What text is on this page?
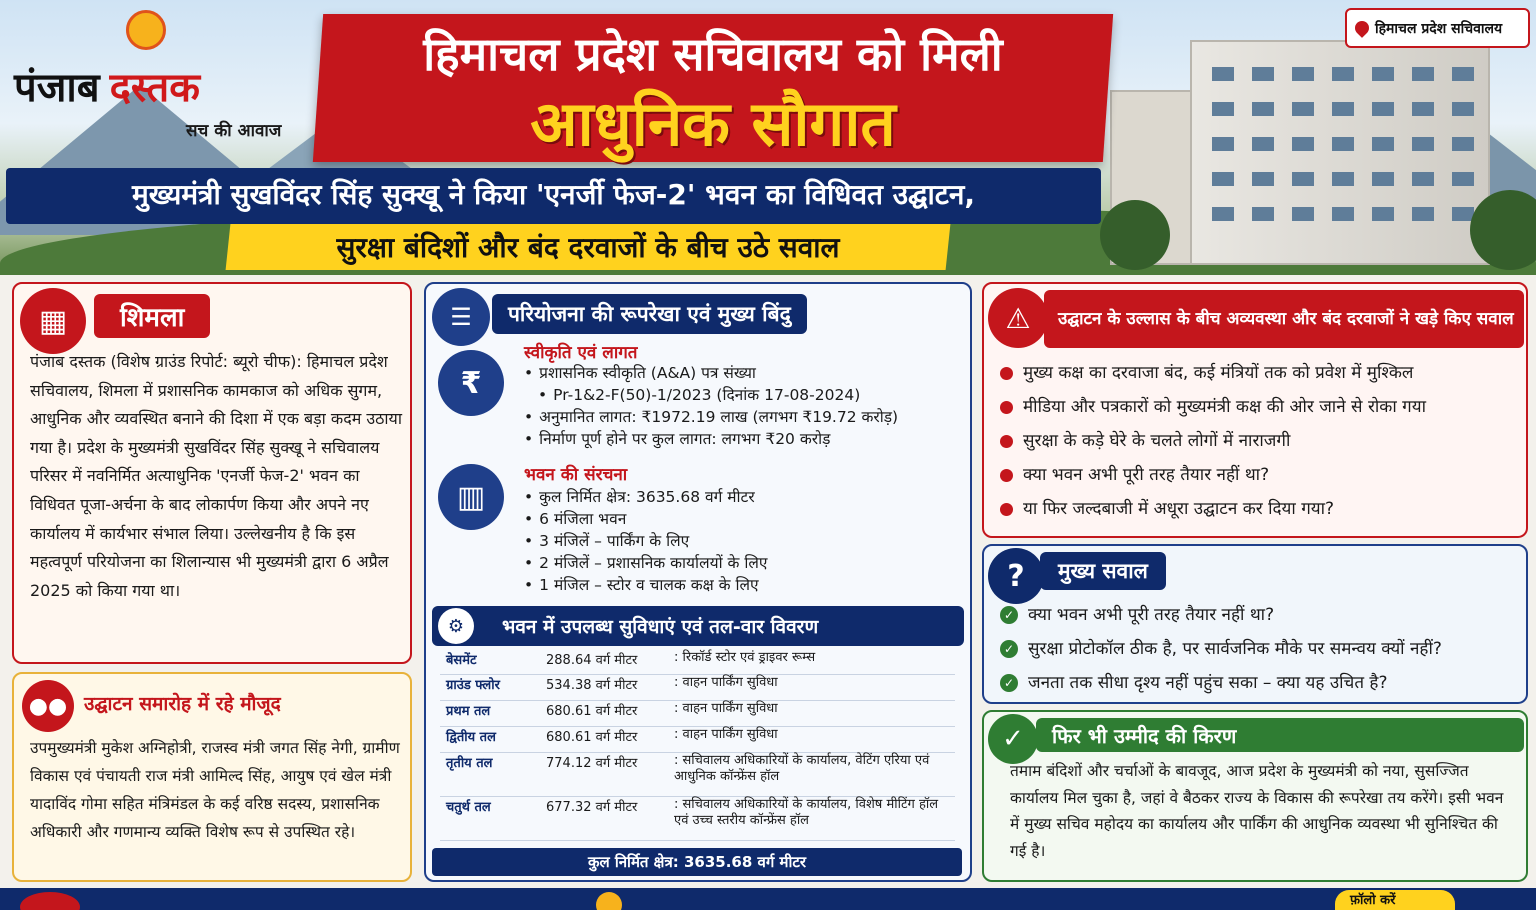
पंजाब दस्तक
सच की आवाज
हिमाचल प्रदेश सचिवालय को मिली
आधुनिक सौगात
हिमाचल प्रदेश सचिवालय
मुख्यमंत्री सुखविंदर सिंह सुक्खू ने किया 'एनर्जी फेज-2' भवन का विधिवत उद्घाटन,
सुरक्षा बंदिशों और बंद दरवाजों के बीच उठे सवाल
▦	शिमला
पंजाब दस्तक (विशेष ग्राउंड रिपोर्ट: ब्यूरो चीफ): हिमाचल प्रदेश सचिवालय, शिमला में प्रशासनिक कामकाज को अधिक सुगम, आधुनिक और व्यवस्थित बनाने की दिशा में एक बड़ा कदम उठाया गया है। प्रदेश के मुख्यमंत्री सुखविंदर सिंह सुक्खू ने सचिवालय परिसर में नवनिर्मित अत्याधुनिक 'एनर्जी फेज-2' भवन का विधिवत पूजा-अर्चना के बाद लोकार्पण किया और अपने नए कार्यालय में कार्यभार संभाल लिया। उल्लेखनीय है कि इस महत्वपूर्ण परियोजना का शिलान्यास भी मुख्यमंत्री द्वारा 6 अप्रैल 2025 को किया गया था।
●● उद्घाटन समारोह में रहे मौजूद
उपमुख्यमंत्री मुकेश अग्निहोत्री, राजस्व मंत्री जगत सिंह नेगी, ग्रामीण विकास एवं पंचायती राज मंत्री आमिल्द सिंह, आयुष एवं खेल मंत्री यादाविंद गोमा सहित मंत्रिमंडल के कई वरिष्ठ सदस्य, प्रशासनिक अधिकारी और गणमान्य व्यक्ति विशेष रूप से उपस्थित रहे।
☰	परियोजना की रूपरेखा एवं मुख्य बिंदु
₹
स्वीकृति एवं लागत
• प्रशासनिक स्वीकृति (A&A) पत्र संख्या
• Pr-1&2-F(50)-1/2023 (दिनांक 17-08-2024)
• अनुमानित लागत: ₹1972.19 लाख (लगभग ₹19.72 करोड़)
• निर्माण पूर्ण होने पर कुल लागत: लगभग ₹20 करोड़
▥
भवन की संरचना
• कुल निर्मित क्षेत्र: 3635.68 वर्ग मीटर
• 6 मंजिला भवन
• 3 मंजिलें – पार्किंग के लिए
• 2 मंजिलें – प्रशासनिक कार्यालयों के लिए
• 1 मंजिल – स्टोर व चालक कक्ष के लिए
भवन में उपलब्ध सुविधाएं एवं तल-वार विवरण
⚙
बेसमेंट	288.64 वर्ग मीटर	: रिकॉर्ड स्टोर एवं ड्राइवर रूम्स
ग्राउंड फ्लोर	534.38 वर्ग मीटर	: वाहन पार्किंग सुविधा
प्रथम तल	680.61 वर्ग मीटर	: वाहन पार्किंग सुविधा
द्वितीय तल	680.61 वर्ग मीटर	: वाहन पार्किंग सुविधा
तृतीय तल	774.12 वर्ग मीटर	: सचिवालय अधिकारियों के कार्यालय, वेटिंग एरिया एवं आधुनिक कॉन्फ्रेंस हॉल
चतुर्थ तल	677.32 वर्ग मीटर	: सचिवालय अधिकारियों के कार्यालय, विशेष मीटिंग हॉल एवं उच्च स्तरीय कॉन्फ्रेंस हॉल
कुल निर्मित क्षेत्र: 3635.68 वर्ग मीटर
⚠	उद्घाटन के उल्लास के बीच अव्यवस्था और बंद दरवाजों ने खड़े किए सवाल
मुख्य कक्ष का दरवाजा बंद, कई मंत्रियों तक को प्रवेश में मुश्किल
मीडिया और पत्रकारों को मुख्यमंत्री कक्ष की ओर जाने से रोका गया
सुरक्षा के कड़े घेरे के चलते लोगों में नाराजगी
क्या भवन अभी पूरी तरह तैयार नहीं था?
या फिर जल्दबाजी में अधूरा उद्घाटन कर दिया गया?
?	मुख्य सवाल
✓ क्या भवन अभी पूरी तरह तैयार नहीं था?
✓ सुरक्षा प्रोटोकॉल ठीक है, पर सार्वजनिक मौके पर समन्वय क्यों नहीं?
✓ जनता तक सीधा दृश्य नहीं पहुंच सका – क्या यह उचित है?
✓	फिर भी उम्मीद की किरण
तमाम बंदिशों और चर्चाओं के बावजूद, आज प्रदेश के मुख्यमंत्री को नया, सुसज्जित कार्यालय मिल चुका है, जहां वे बैठकर राज्य के विकास की रूपरेखा तय करेंगे। इसी भवन में मुख्य सचिव महोदय का कार्यालय और पार्किंग की आधुनिक व्यवस्था भी सुनिश्चित की गई है।
फ़ॉलो करें
